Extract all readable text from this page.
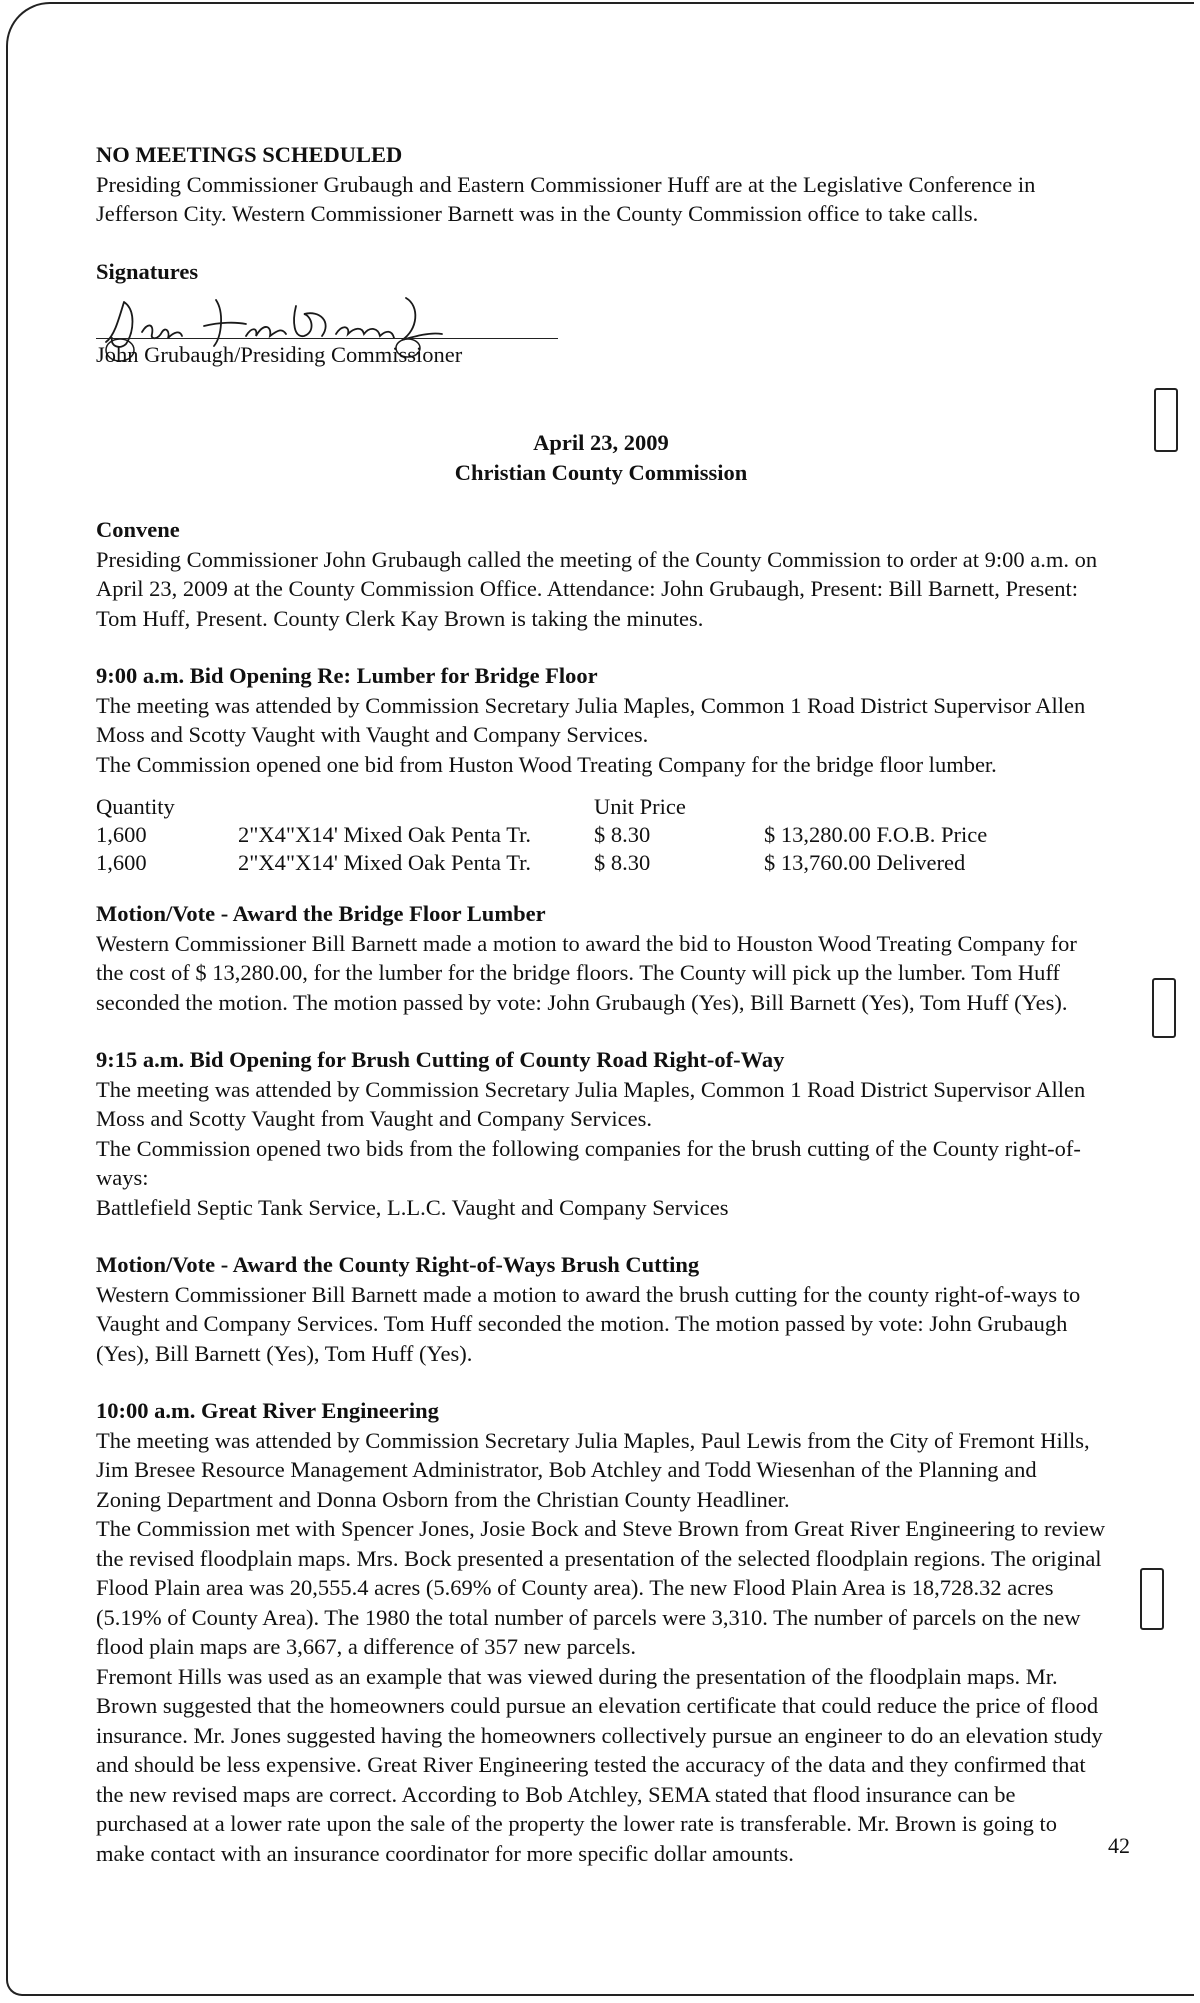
NO MEETINGS SCHEDULED

Presiding Commissioner Grubaugh and Eastern Commissioner Huff are at the Legislative Conference in Jefferson City. Western Commissioner Barnett was in the County Commission office to take calls.

Signatures

John Grubaugh/Presiding Commissioner

April 23, 2009

Christian County Commission

Convene

Presiding Commissioner John Grubaugh called the meeting of the County Commission to order at 9:00 a.m. on April 23, 2009 at the County Commission Office. Attendance: John Grubaugh, Present: Bill Barnett, Present: Tom Huff, Present. County Clerk Kay Brown is taking the minutes.

9:00 a.m. Bid Opening Re: Lumber for Bridge Floor

The meeting was attended by Commission Secretary Julia Maples, Common 1 Road District Supervisor Allen Moss and Scotty Vaught with Vaught and Company Services.

The Commission opened one bid from Huston Wood Treating Company for the bridge floor lumber.

Quantity		Unit Price	
1,600	2"X4"X14' Mixed Oak Penta Tr.	$ 8.30	$ 13,280.00 F.O.B. Price
1,600	2"X4"X14' Mixed Oak Penta Tr.	$ 8.30	$ 13,760.00 Delivered

Motion/Vote - Award the Bridge Floor Lumber

Western Commissioner Bill Barnett made a motion to award the bid to Houston Wood Treating Company for the cost of $ 13,280.00, for the lumber for the bridge floors. The County will pick up the lumber. Tom Huff seconded the motion. The motion passed by vote: John Grubaugh (Yes), Bill Barnett (Yes), Tom Huff (Yes).

9:15 a.m. Bid Opening for Brush Cutting of County Road Right-of-Way

The meeting was attended by Commission Secretary Julia Maples, Common 1 Road District Supervisor Allen Moss and Scotty Vaught from Vaught and Company Services.

The Commission opened two bids from the following companies for the brush cutting of the County right-of-ways:

Battlefield Septic Tank Service, L.L.C. Vaught and Company Services

Motion/Vote - Award the County Right-of-Ways Brush Cutting

Western Commissioner Bill Barnett made a motion to award the brush cutting for the county right-of-ways to Vaught and Company Services. Tom Huff seconded the motion. The motion passed by vote: John Grubaugh (Yes), Bill Barnett (Yes), Tom Huff (Yes).

10:00 a.m. Great River Engineering

The meeting was attended by Commission Secretary Julia Maples, Paul Lewis from the City of Fremont Hills, Jim Bresee Resource Management Administrator, Bob Atchley and Todd Wiesenhan of the Planning and Zoning Department and Donna Osborn from the Christian County Headliner.

The Commission met with Spencer Jones, Josie Bock and Steve Brown from Great River Engineering to review the revised floodplain maps. Mrs. Bock presented a presentation of the selected floodplain regions. The original Flood Plain area was 20,555.4 acres (5.69% of County area). The new Flood Plain Area is 18,728.32 acres (5.19% of County Area). The 1980 the total number of parcels were 3,310. The number of parcels on the new flood plain maps are 3,667, a difference of 357 new parcels.

Fremont Hills was used as an example that was viewed during the presentation of the floodplain maps. Mr. Brown suggested that the homeowners could pursue an elevation certificate that could reduce the price of flood insurance. Mr. Jones suggested having the homeowners collectively pursue an engineer to do an elevation study and should be less expensive. Great River Engineering tested the accuracy of the data and they confirmed that the new revised maps are correct. According to Bob Atchley, SEMA stated that flood insurance can be purchased at a lower rate upon the sale of the property the lower rate is transferable. Mr. Brown is going to make contact with an insurance coordinator for more specific dollar amounts.	42
